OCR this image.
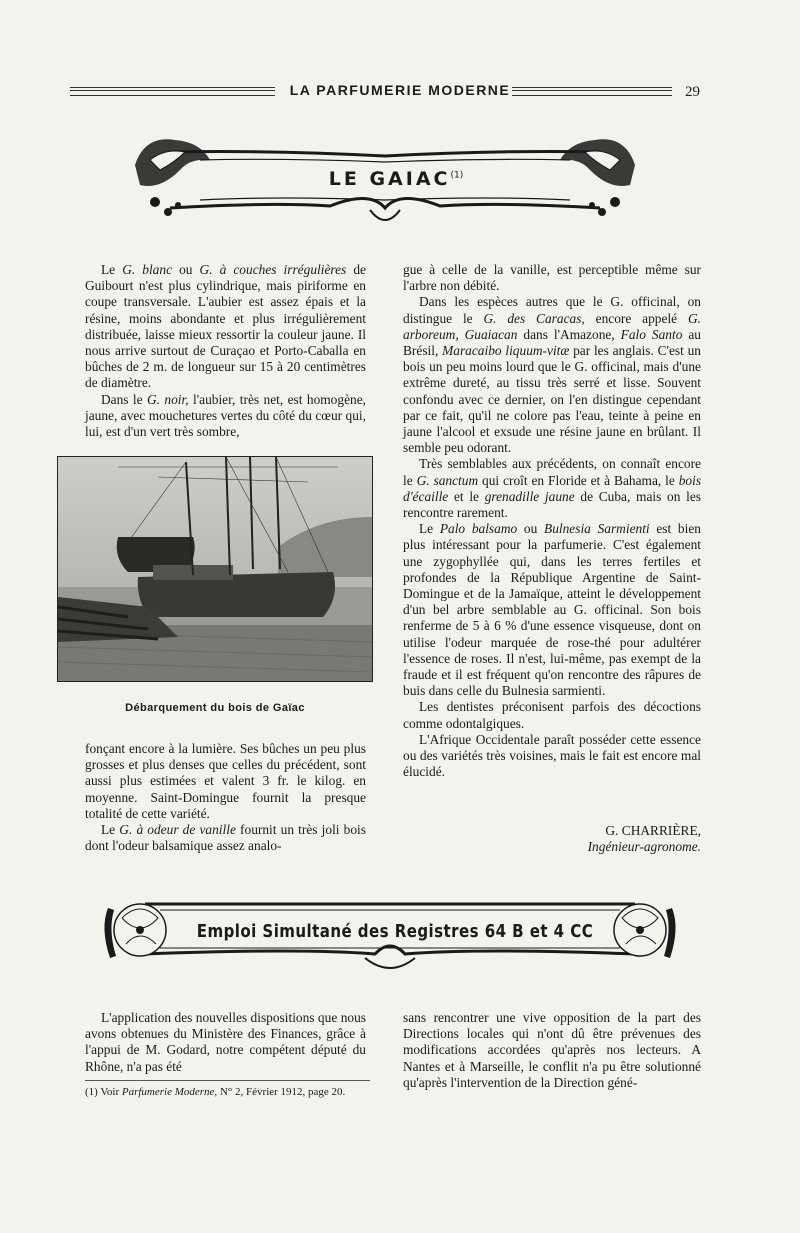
LA PARFUMERIE MODERNE	29
LE GAIAC$^{(1)}$

Le G. blanc ou G. à couches irrégulières de Guibourt n'est plus cylindrique, mais piriforme en coupe transversale. L'aubier est assez épais et la résine, moins abondante et plus irrégulièrement distribuée, laisse mieux ressortir la couleur jaune. Il nous arrive surtout de Curaçao et Porto-Caballa en bûches de 2 m. de longueur sur 15 à 20 centimètres de diamètre.

Dans le G. noir, l'aubier, très net, est homogène, jaune, avec mouchetures vertes du côté du cœur qui, lui, est d'un vert très sombre,

Débarquement du bois de Gaïac

fonçant encore à la lumière. Ses bûches un peu plus grosses et plus denses que celles du précédent, sont aussi plus estimées et valent 3 fr. le kilog. en moyenne. Saint-Domingue fournit la presque totalité de cette variété.

Le G. à odeur de vanille fournit un très joli bois dont l'odeur balsamique assez analo-

gue à celle de la vanille, est perceptible même sur l'arbre non débité.

Dans les espèces autres que le G. officinal, on distingue le G. des Caracas, encore appelé G. arboreum, Guaiacan dans l'Amazone, Falo Santo au Brésil, Maracaibo liquum-vitæ par les anglais. C'est un bois un peu moins lourd que le G. officinal, mais d'une extrême dureté, au tissu très serré et lisse. Souvent confondu avec ce dernier, on l'en distingue cependant par ce fait, qu'il ne colore pas l'eau, teinte à peine en jaune l'alcool et exsude une résine jaune en brûlant. Il semble peu odorant.

Très semblables aux précédents, on connaît encore le G. sanctum qui croît en Floride et à Bahama, le bois d'écaille et le grenadille jaune de Cuba, mais on les rencontre rarement.

Le Palo balsamo ou Bulnesia Sarmienti est bien plus intéressant pour la parfumerie. C'est également une zygophyllée qui, dans les terres fertiles et profondes de la République Argentine de Saint-Domingue et de la Jamaïque, atteint le développement d'un bel arbre semblable au G. officinal. Son bois renferme de 5 à 6 % d'une essence visqueuse, dont on utilise l'odeur marquée de rose-thé pour adultérer l'essence de roses. Il n'est, lui-même, pas exempt de la fraude et il est fréquent qu'on rencontre des râpures de buis dans celle du Bulnesia sarmienti.

Les dentistes préconisent parfois des décoctions comme odontalgiques.

L'Afrique Occidentale paraît posséder cette essence ou des variétés très voisines, mais le fait est encore mal élucidé.

G. CHARRIÈRE,

Ingénieur-agronome.

Emploi Simultané des Registres 64 B et 4 CC

L'application des nouvelles dispositions que nous avons obtenues du Ministère des Finances, grâce à l'appui de M. Godard, notre compétent député du Rhône, n'a pas été

sans rencontrer une vive opposition de la part des Directions locales qui n'ont dû être prévenues des modifications accordées qu'après nos lecteurs. A Nantes et à Marseille, le conflit n'a pu être solutionné qu'après l'intervention de la Direction géné-

(1) Voir Parfumerie Moderne, N° 2, Février 1912, page 20.
